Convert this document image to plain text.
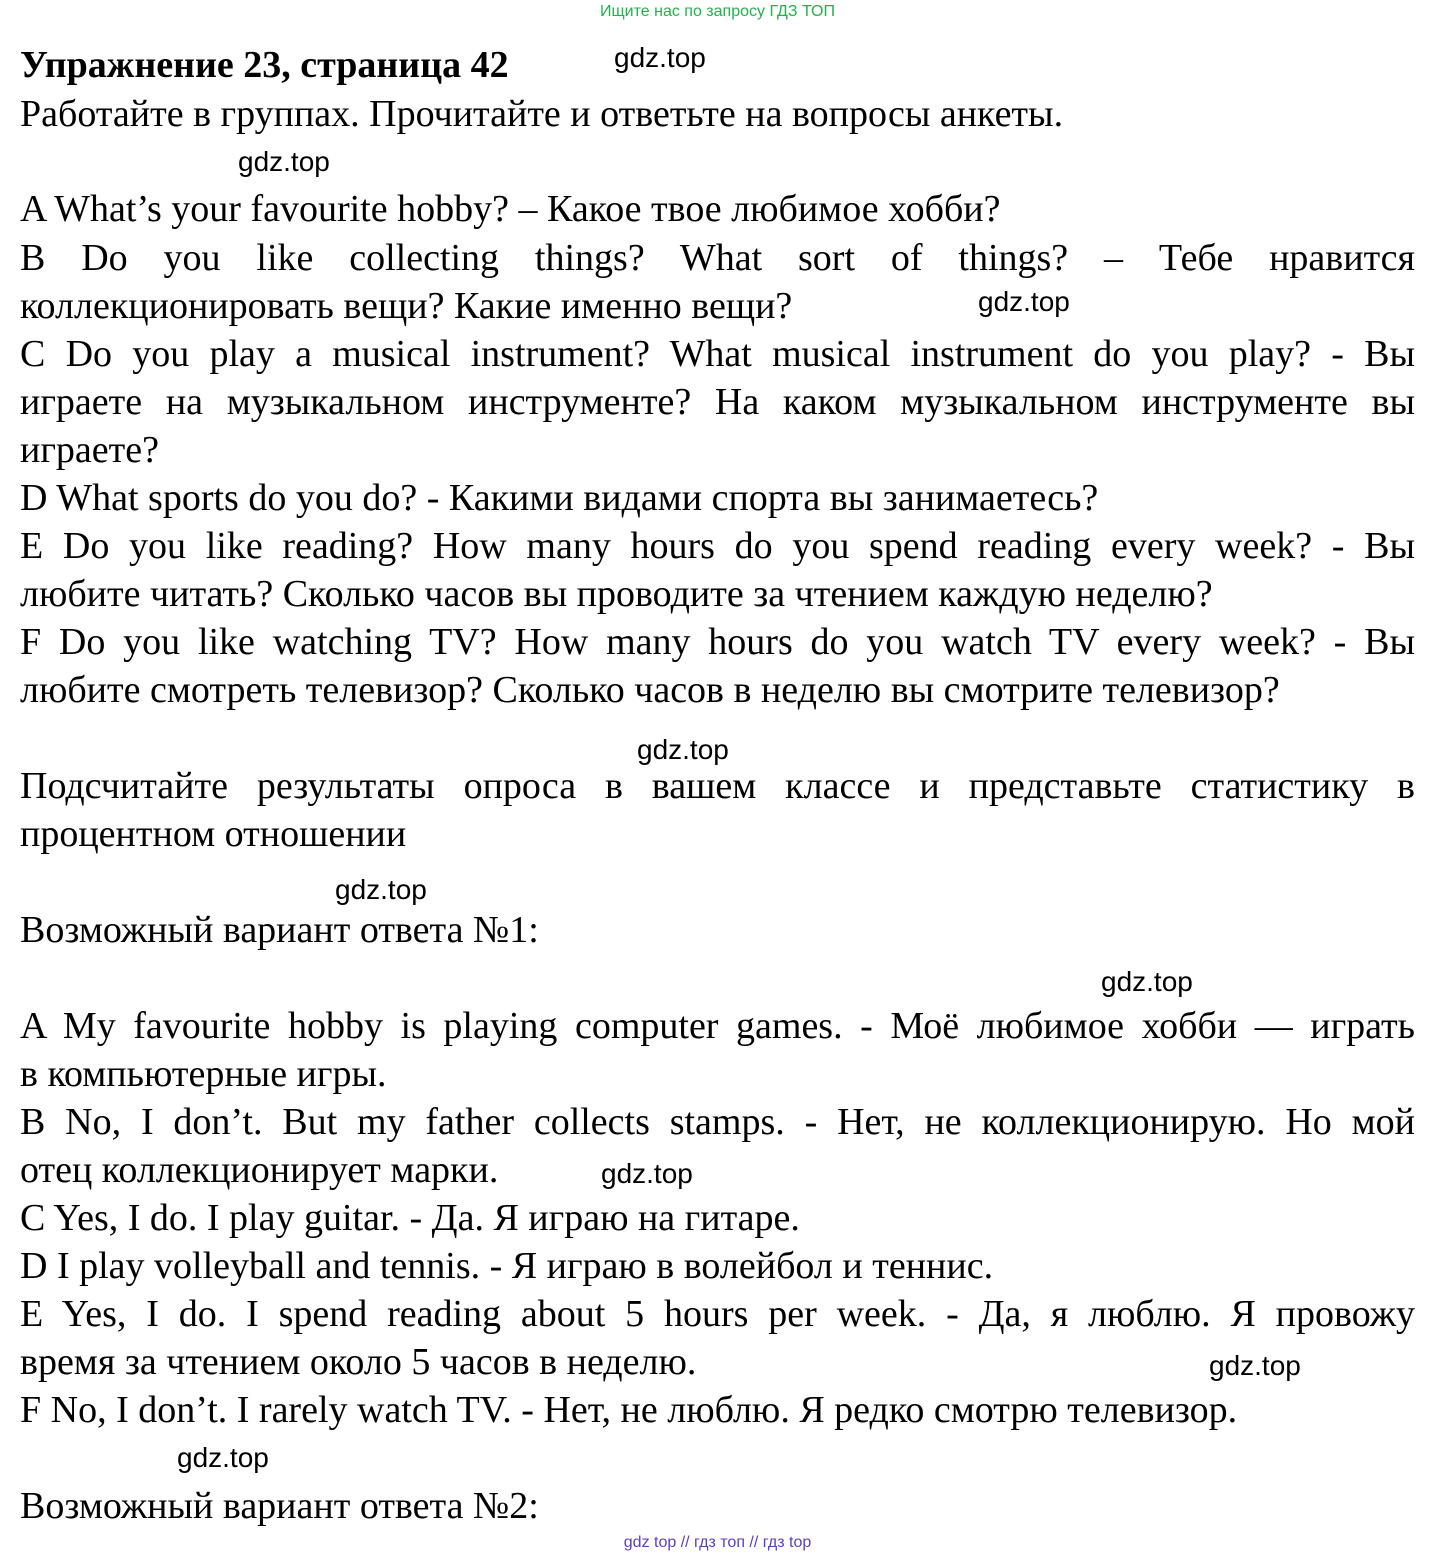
Ищите нас по запросу ГДЗ ТОП
Упражнение 23, страница 42	gdz.top
Работайте в группах. Прочитайте и ответьте на вопросы анкеты.
gdz.top
A What’s your favourite hobby? – Какое твое любимое хобби?
B Do you like collecting things? What sort of things? – Тебе нравится
коллекционировать вещи? Какие именно вещи?	gdz.top
C Do you play a musical instrument? What musical instrument do you play? - Вы
играете на музыкальном инструменте? На каком музыкальном инструменте вы
играете?
D What sports do you do? - Какими видами спорта вы занимаетесь?
E Do you like reading? How many hours do you spend reading every week? - Вы
любите читать? Сколько часов вы проводите за чтением каждую неделю?
F Do you like watching TV? How many hours do you watch TV every week? - Вы
любите смотреть телевизор? Сколько часов в неделю вы смотрите телевизор?
gdz.top
Подсчитайте результаты опроса в вашем классе и представьте статистику в
процентном отношении
gdz.top
Возможный вариант ответа №1:
gdz.top
A My favourite hobby is playing computer games. - Моё любимое хобби — играть
в компьютерные игры.
B No, I don’t. But my father collects stamps. - Нет, не коллекционирую. Но мой
отец коллекционирует марки.	gdz.top
C Yes, I do. I play guitar. - Да. Я играю на гитаре.
D I play volleyball and tennis. - Я играю в волейбол и теннис.
E Yes, I do. I spend reading about 5 hours per week. - Да, я люблю. Я провожу
время за чтением около 5 часов в неделю.	gdz.top
F No, I don’t. I rarely watch TV. - Нет, не люблю. Я редко смотрю телевизор.
gdz.top
Возможный вариант ответа №2:
gdz top // гдз топ // гдз top
